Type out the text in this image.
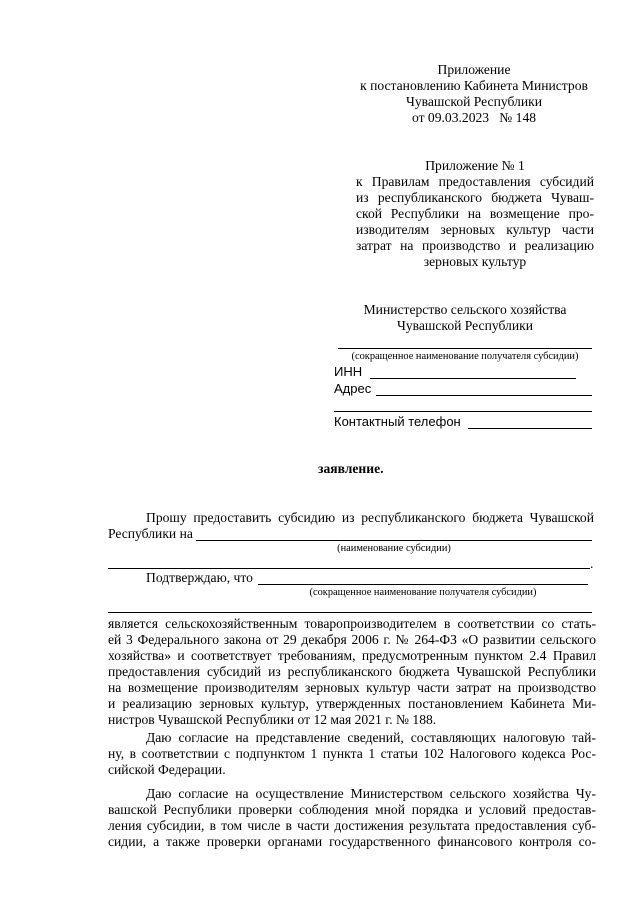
Приложение

к постановлению Кабинета Министров

Чувашской Республики

от 09.03.2023   № 148

Приложение № 1

к Правилам предоставления субсидий

из республиканского бюджета Чуваш-

ской Республики на возмещение про-

изводителям зерновых культур части

затрат на производство и реализацию

зерновых культур

Министерство сельского хозяйства

Чувашской Республики

(сокращенное наименование получателя субсидии)

ИНН

Адрес

Контактный телефон

заявление.

Прошу предоставить субсидию из республиканского бюджета Чувашской

Республики на

(наименование субсидии)

.

Подтверждаю, что

(сокращенное наименование получателя субсидии)

является сельскохозяйственным товаропроизводителем в соответствии со стать-

ей 3 Федерального закона от 29 декабря 2006 г. № 264-ФЗ «О развитии сельского

хозяйства» и соответствует требованиям, предусмотренным пунктом 2.4 Правил

предоставления субсидий из республиканского бюджета Чувашской Республики

на возмещение производителям зерновых культур части затрат на производство

и реализацию зерновых культур, утвержденных постановлением Кабинета Ми-

нистров Чувашской Республики от 12 мая 2021 г. № 188.

Даю согласие на представление сведений, составляющих налоговую тай-

ну, в соответствии с подпунктом 1 пункта 1 статьи 102 Налогового кодекса Рос-

сийской Федерации.

Даю согласие на осуществление Министерством сельского хозяйства Чу-

вашской Республики проверки соблюдения мной порядка и условий предостав-

ления субсидии, в том числе в части достижения результата предоставления суб-

сидии, а также проверки органами государственного финансового контроля со-
